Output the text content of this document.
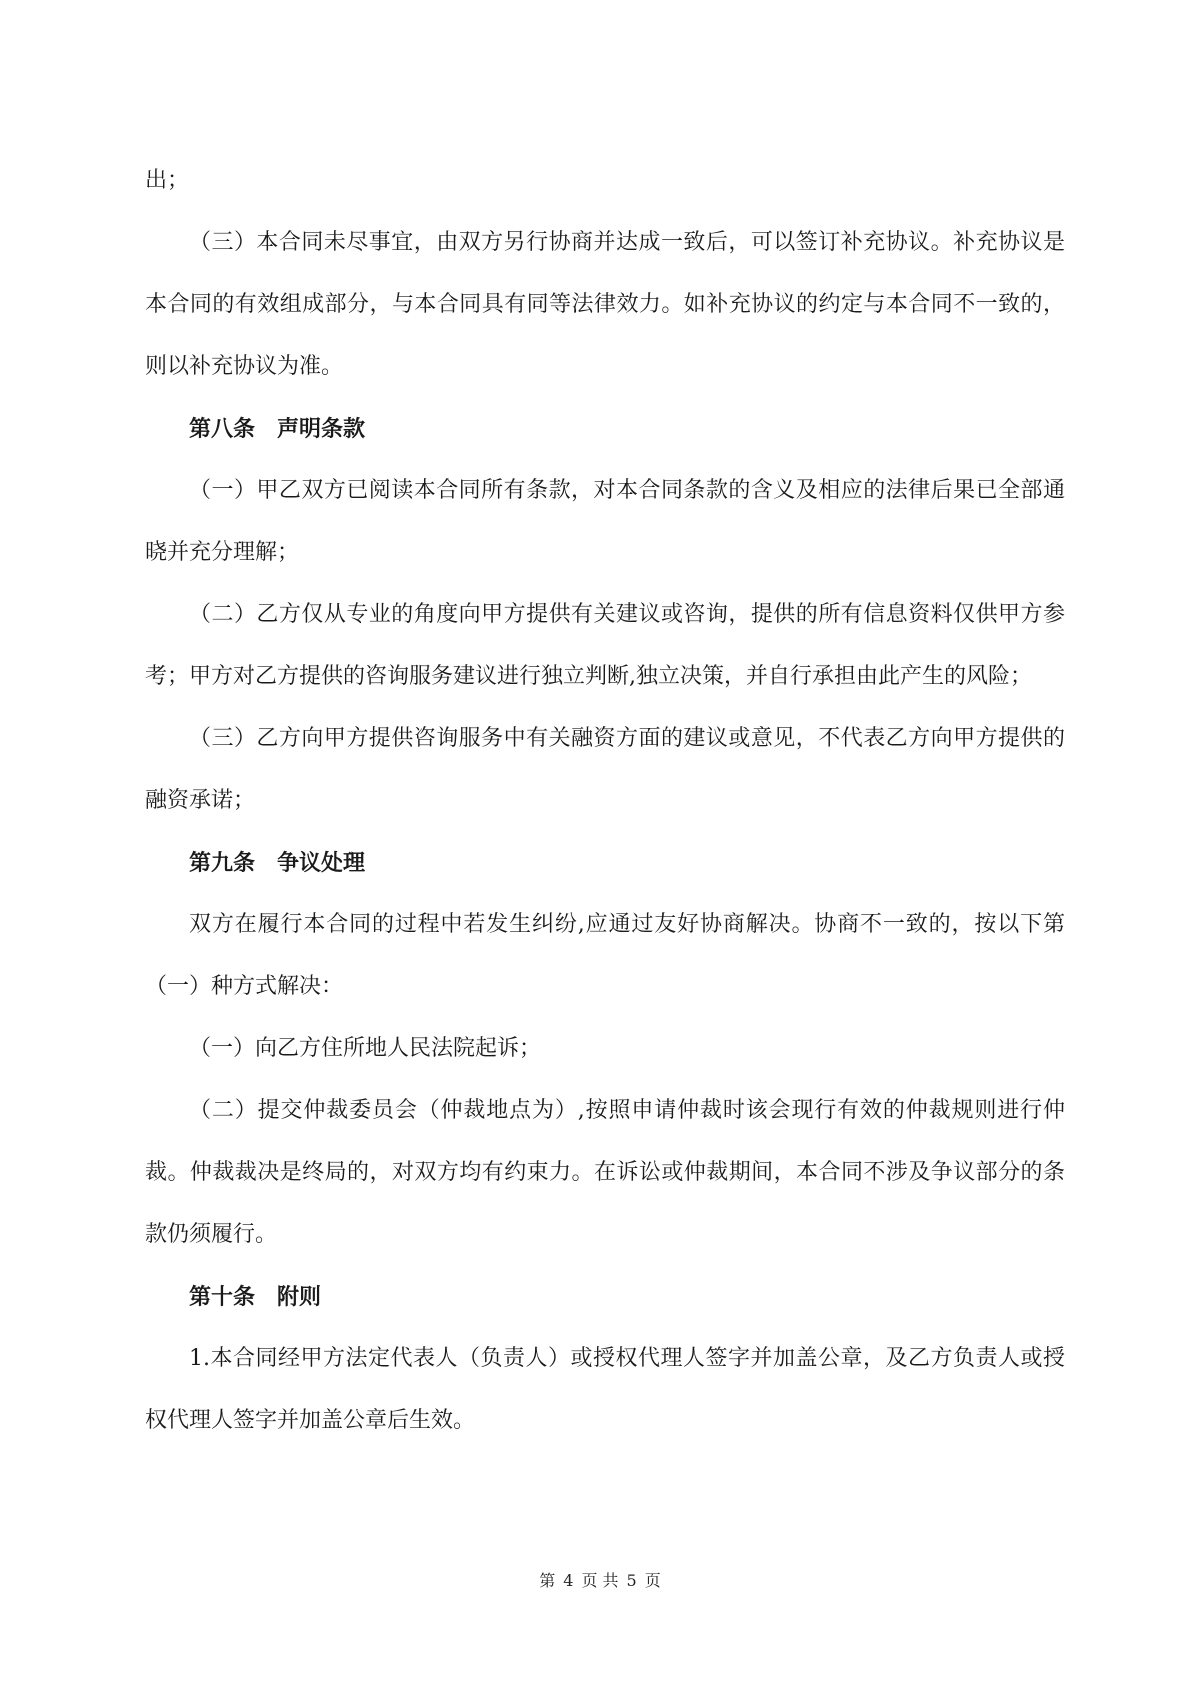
出；

（三）本合同未尽事宜，由双方另行协商并达成一致后，可以签订补充协议。补充协议是本合同的有效组成部分，与本合同具有同等法律效力。如补充协议的约定与本合同不一致的，则以补充协议为准。

第八条　声明条款

（一）甲乙双方已阅读本合同所有条款，对本合同条款的含义及相应的法律后果已全部通晓并充分理解；

（二）乙方仅从专业的角度向甲方提供有关建议或咨询，提供的所有信息资料仅供甲方参考；甲方对乙方提供的咨询服务建议进行独立判断,独立决策，并自行承担由此产生的风险；

（三）乙方向甲方提供咨询服务中有关融资方面的建议或意见，不代表乙方向甲方提供的融资承诺；

第九条　争议处理

双方在履行本合同的过程中若发生纠纷,应通过友好协商解决。协商不一致的，按以下第（一）种方式解决：

（一）向乙方住所地人民法院起诉；

（二）提交仲裁委员会（仲裁地点为）,按照申请仲裁时该会现行有效的仲裁规则进行仲裁。仲裁裁决是终局的，对双方均有约束力。在诉讼或仲裁期间，本合同不涉及争议部分的条款仍须履行。

第十条　附则

1.本合同经甲方法定代表人（负责人）或授权代理人签字并加盖公章，及乙方负责人或授权代理人签字并加盖公章后生效。

第 4 页 共 5 页
